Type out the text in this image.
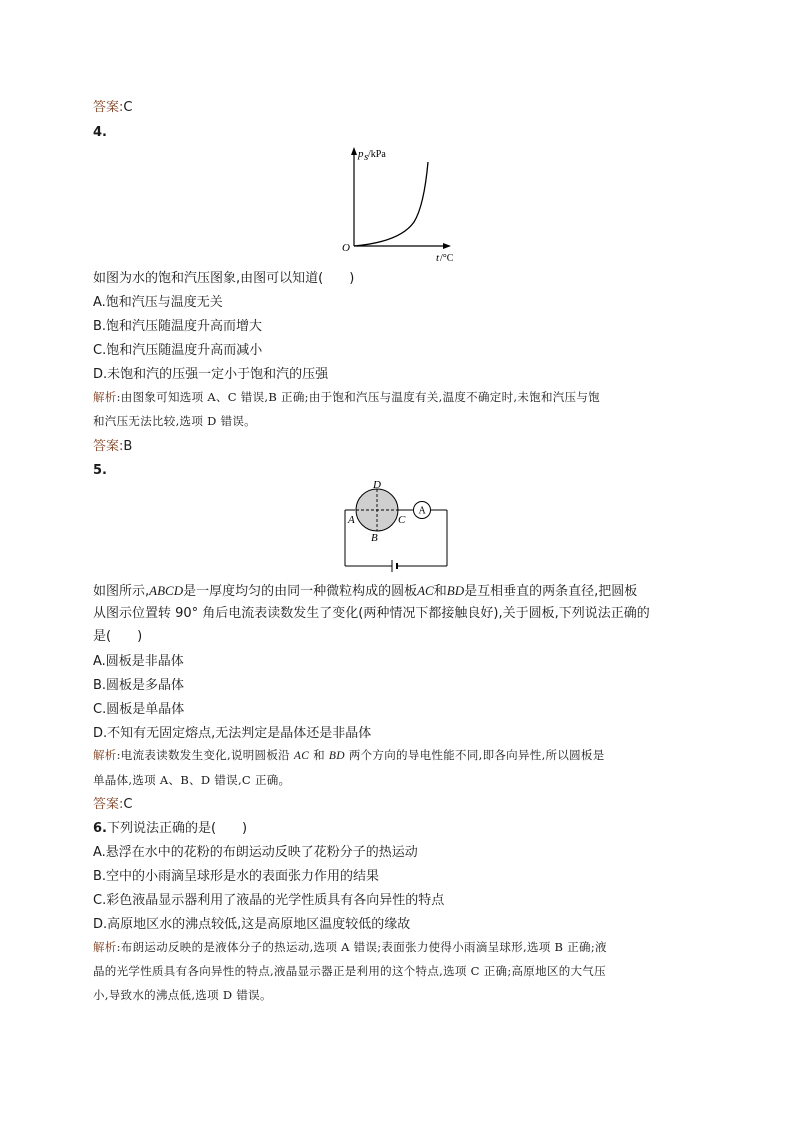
答案:C
4.
p s /kPa
O
t /°C
如图为水的饱和汽压图象,由图可以知道(　　)
A.饱和汽压与温度无关
B.饱和汽压随温度升高而增大
C.饱和汽压随温度升高而减小
D.未饱和汽的压强一定小于饱和汽的压强
解析:由图象可知选项 A、C 错误,B 正确;由于饱和汽压与温度有关,温度不确定时,未饱和汽压与饱
和汽压无法比较,选项 D 错误。
答案:B
5.
A
D
A	C
B
如图所示,ABCD是一厚度均匀的由同一种微粒构成的圆板AC和BD是互相垂直的两条直径,把圆板
从图示位置转 90° 角后电流表读数发生了变化(两种情况下都接触良好),关于圆板,下列说法正确的
是(　　)
A.圆板是非晶体
B.圆板是多晶体
C.圆板是单晶体
D.不知有无固定熔点,无法判定是晶体还是非晶体
解析:电流表读数发生变化,说明圆板沿 AC 和 BD 两个方向的导电性能不同,即各向异性,所以圆板是
单晶体,选项 A、B、D 错误,C 正确。
答案:C
6.下列说法正确的是(　　)
A.悬浮在水中的花粉的布朗运动反映了花粉分子的热运动
B.空中的小雨滴呈球形是水的表面张力作用的结果
C.彩色液晶显示器利用了液晶的光学性质具有各向异性的特点
D.高原地区水的沸点较低,这是高原地区温度较低的缘故
解析:布朗运动反映的是液体分子的热运动,选项 A 错误;表面张力使得小雨滴呈球形,选项 B 正确;液
晶的光学性质具有各向异性的特点,液晶显示器正是利用的这个特点,选项 C 正确;高原地区的大气压
小,导致水的沸点低,选项 D 错误。
